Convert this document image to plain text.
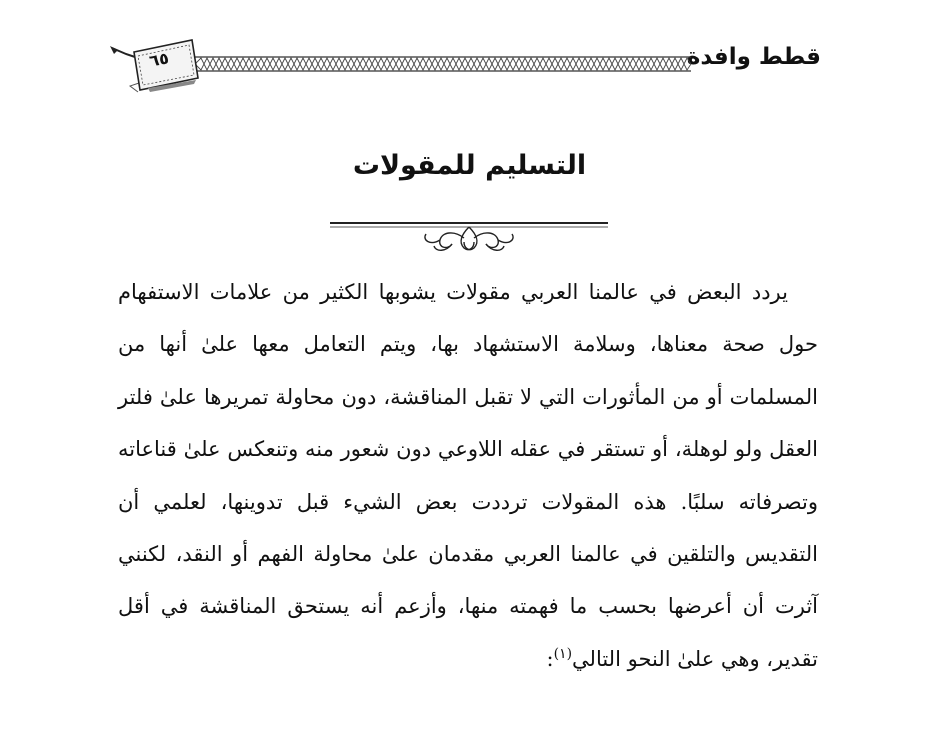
قطط وافدة
٦٥
التسليم للمقولات

يردد البعض في عالمنا العربي مقولات يشوبها الكثير من علامات الاستفهام حول صحة معناها، وسلامة الاستشهاد بها، ويتم التعامل معها علىٰ أنها من المسلمات أو من المأثورات التي لا تقبل المناقشة، دون محاولة تمريرها علىٰ فلتر العقل ولو لوهلة، أو تستقر في عقله اللاوعي دون شعور منه وتنعكس علىٰ قناعاته وتصرفاته سلبًا. هذه المقولات ترددت بعض الشيء قبل تدوينها، لعلمي أن التقديس والتلقين في عالمنا العربي مقدمان علىٰ محاولة الفهم أو النقد، لكنني آثرت أن أعرضها بحسب ما فهمته منها، وأزعم أنه يستحق المناقشة في أقل تقدير، وهي علىٰ النحو التالي$^{(١)}$:
